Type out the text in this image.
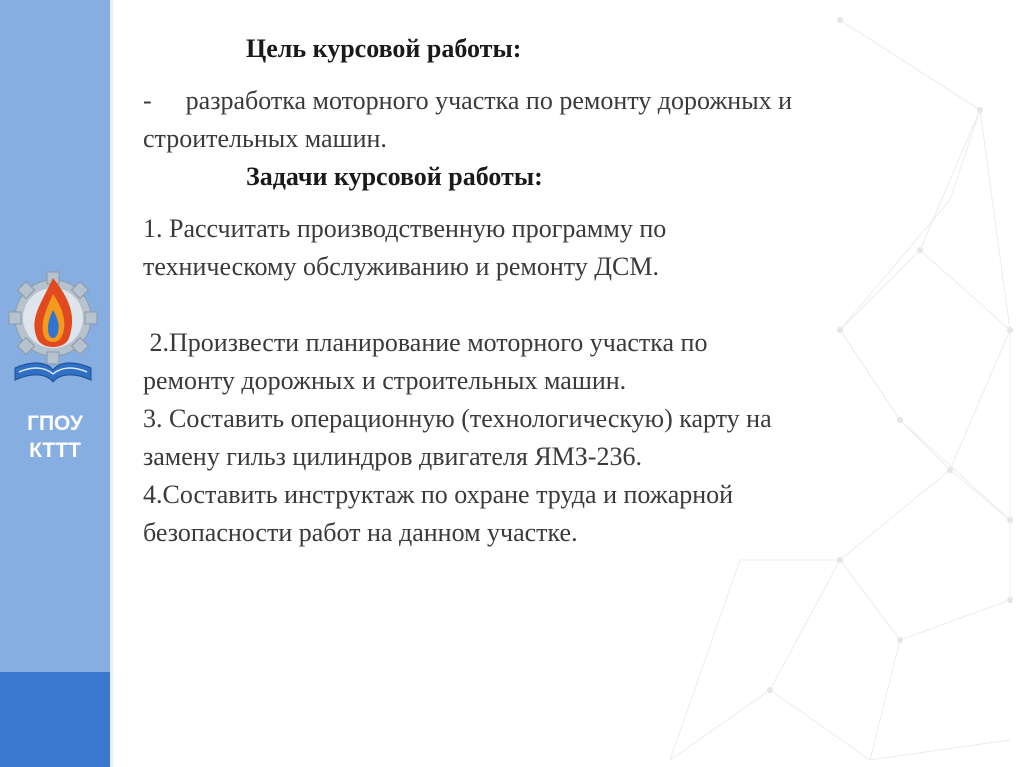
ГПОУ
КТТТ
Цель курсовой работы:

- разработка моторного участка по ремонту дорожных и
строительных машин.

Задачи курсовой работы:

1. Рассчитать производственную программу по
техническому обслуживанию и ремонту ДСМ.

2.Произвести планирование моторного участка по
ремонту дорожных и строительных машин.

3. Составить операционную (технологическую) карту на
замену гильз цилиндров двигателя ЯМЗ-236.

4.Составить инструктаж по охране труда и пожарной
безопасности работ на данном участке.
